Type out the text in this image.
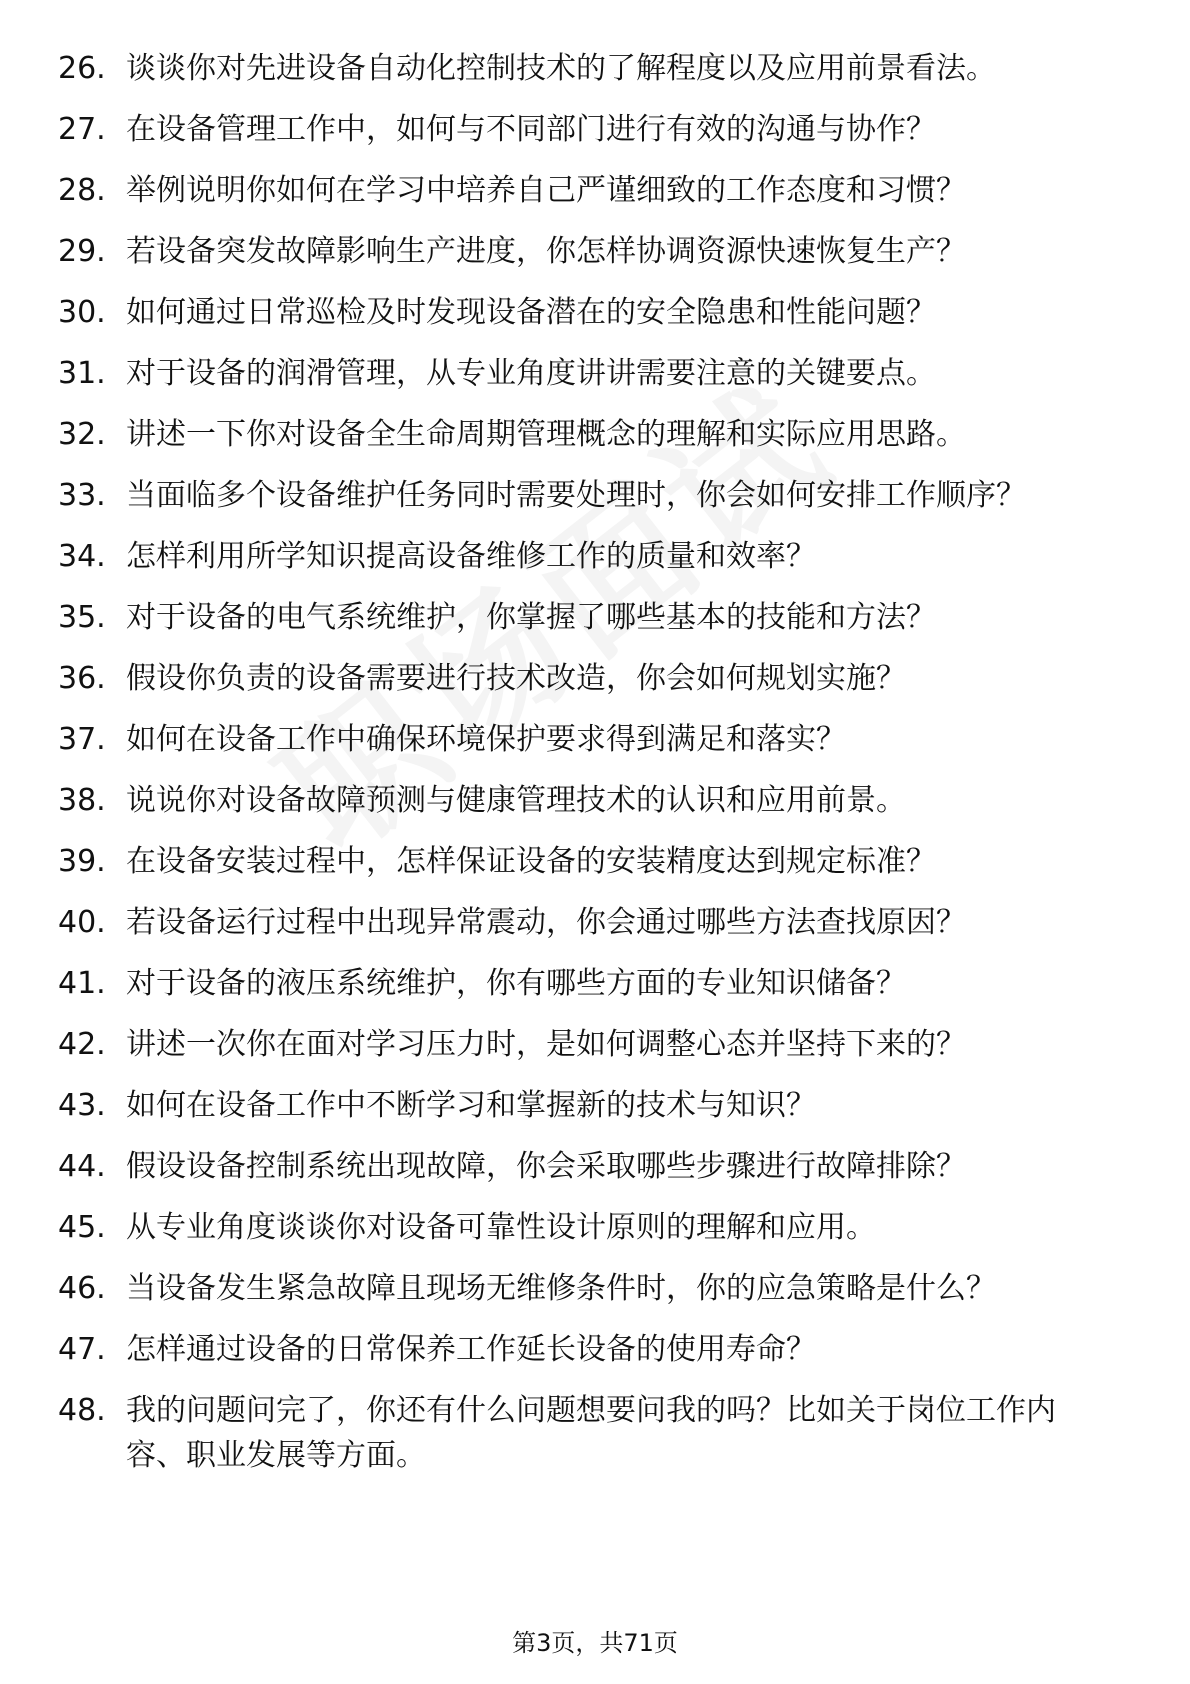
26. 谈谈你对先进设备自动化控制技术的了解程度以及应用前景看法。
27. 在设备管理工作中，如何与不同部门进行有效的沟通与协作？
28. 举例说明你如何在学习中培养自己严谨细致的工作态度和习惯？
29. 若设备突发故障影响生产进度，你怎样协调资源快速恢复生产？
30. 如何通过日常巡检及时发现设备潜在的安全隐患和性能问题？
31. 对于设备的润滑管理，从专业角度讲讲需要注意的关键要点。
32. 讲述一下你对设备全生命周期管理概念的理解和实际应用思路。
33. 当面临多个设备维护任务同时需要处理时，你会如何安排工作顺序？
34. 怎样利用所学知识提高设备维修工作的质量和效率？
35. 对于设备的电气系统维护，你掌握了哪些基本的技能和方法？
36. 假设你负责的设备需要进行技术改造，你会如何规划实施？
37. 如何在设备工作中确保环境保护要求得到满足和落实？
38. 说说你对设备故障预测与健康管理技术的认识和应用前景。
39. 在设备安装过程中，怎样保证设备的安装精度达到规定标准？
40. 若设备运行过程中出现异常震动，你会通过哪些方法查找原因？
41. 对于设备的液压系统维护，你有哪些方面的专业知识储备？
42. 讲述一次你在面对学习压力时，是如何调整心态并坚持下来的？
43. 如何在设备工作中不断学习和掌握新的技术与知识？
44. 假设设备控制系统出现故障，你会采取哪些步骤进行故障排除？
45. 从专业角度谈谈你对设备可靠性设计原则的理解和应用。
46. 当设备发生紧急故障且现场无维修条件时，你的应急策略是什么？
47. 怎样通过设备的日常保养工作延长设备的使用寿命？
48. 我的问题问完了，你还有什么问题想要问我的吗？比如关于岗位工作内容、职业发展等方面。
第3页，共71页
